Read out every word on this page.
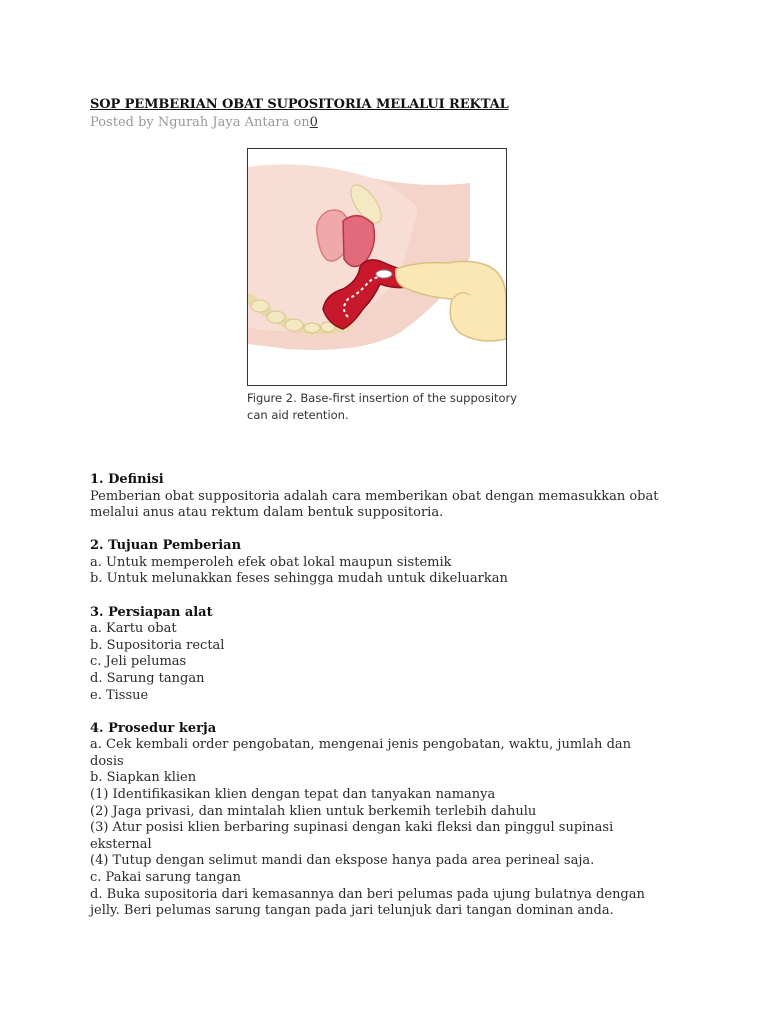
SOP PEMBERIAN OBAT SUPOSITORIA MELALUI REKTAL
Posted by Ngurah Jaya Antara on0
Figure 2. Base-first insertion of the suppository
can aid retention.
1. Definisi
Pemberian obat suppositoria adalah cara memberikan obat dengan memasukkan obat
melalui anus atau rektum dalam bentuk suppositoria.
2. Tujuan Pemberian
a. Untuk memperoleh efek obat lokal maupun sistemik
b. Untuk melunakkan feses sehingga mudah untuk dikeluarkan
3. Persiapan alat
a. Kartu obat
b. Supositoria rectal
c. Jeli pelumas
d. Sarung tangan
e. Tissue
4. Prosedur kerja
a. Cek kembali order pengobatan, mengenai jenis pengobatan, waktu, jumlah dan
dosis
b. Siapkan klien
(1) Identifikasikan klien dengan tepat dan tanyakan namanya
(2) Jaga privasi, dan mintalah klien untuk berkemih terlebih dahulu
(3) Atur posisi klien berbaring supinasi dengan kaki fleksi dan pinggul supinasi
eksternal
(4) Tutup dengan selimut mandi dan ekspose hanya pada area perineal saja.
c. Pakai sarung tangan
d. Buka supositoria dari kemasannya dan beri pelumas pada ujung bulatnya dengan
jelly. Beri pelumas sarung tangan pada jari telunjuk dari tangan dominan anda.
